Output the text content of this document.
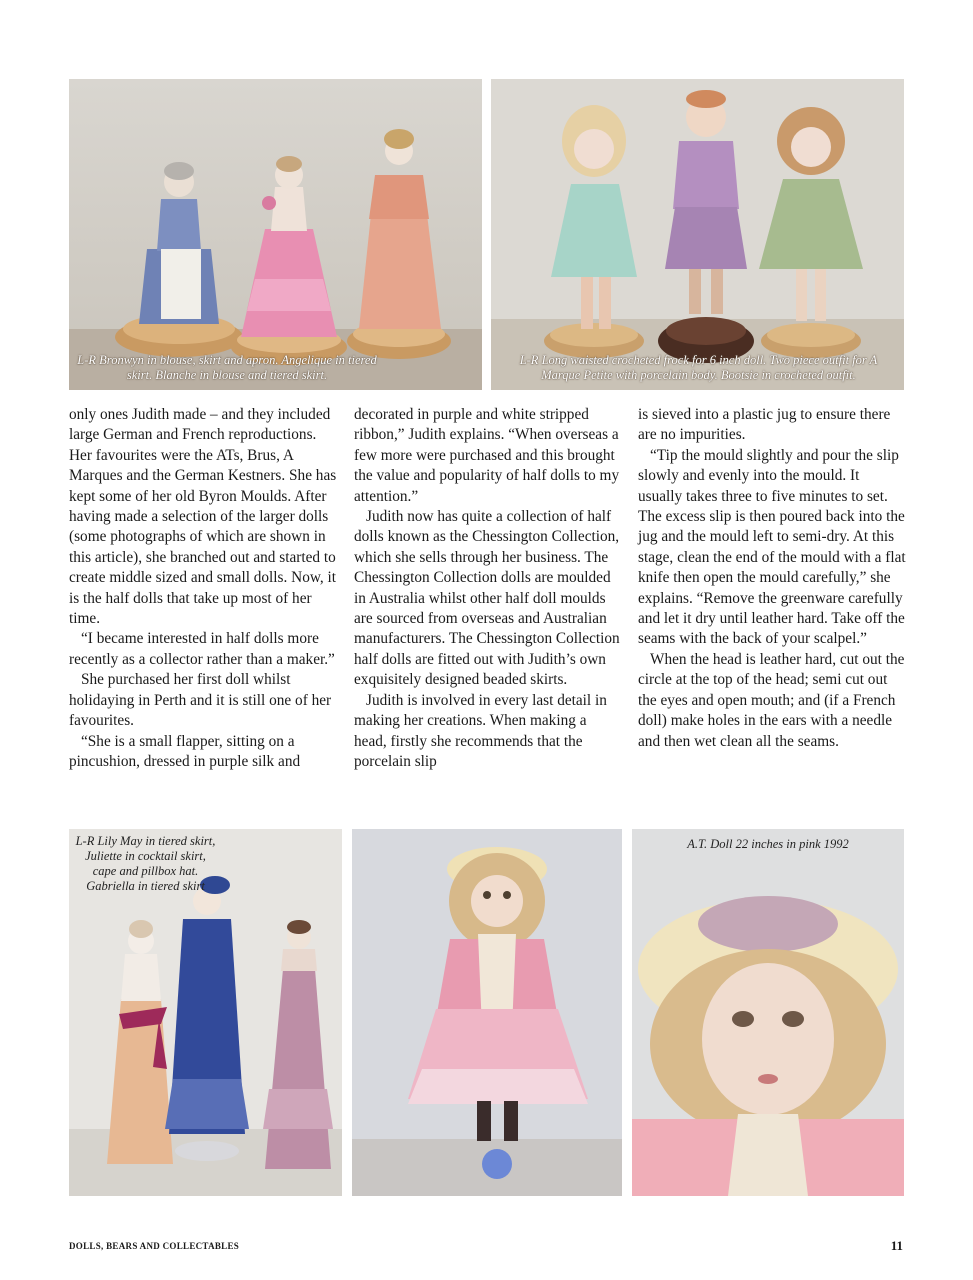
L-R Bronwyn in blouse, skirt and apron. Angelique in tiered skirt. Blanche in blouse and tiered skirt.
L-R Long waisted crocheted frock for 6 inch doll. Two piece outfit for A Marque Petite with porcelain body. Bootsie in crocheted outfit.

only ones Judith made – and they included large German and French reproductions. Her favourites were the ATs, Brus, A Marques and the German Kestners. She has kept some of her old Byron Moulds. After having made a selection of the larger dolls (some photographs of which are shown in this article), she branched out and started to create middle sized and small dolls. Now, it is the half dolls that take up most of her time.

“I became interested in half dolls more recently as a collector rather than a maker.”

She purchased her first doll whilst holidaying in Perth and it is still one of her favourites.

“She is a small flapper, sitting on a pincushion, dressed in purple silk and

decorated in purple and white stripped ribbon,” Judith explains. “When overseas a few more were purchased and this brought the value and popularity of half dolls to my attention.”

Judith now has quite a collection of half dolls known as the Chessington Collection, which she sells through her business. The Chessington Collection dolls are moulded in Australia whilst other half doll moulds are sourced from overseas and Australian manufacturers. The Chessington Collection half dolls are fitted out with Judith’s own exquisitely designed beaded skirts.

Judith is involved in every last detail in making her creations. When making a head, firstly she recommends that the porcelain slip

is sieved into a plastic jug to ensure there are no impurities.

“Tip the mould slightly and pour the slip slowly and evenly into the mould. It usually takes three to five minutes to set. The excess slip is then poured back into the jug and the mould left to semi-dry. At this stage, clean the end of the mould with a flat knife then open the mould carefully,” she explains. “Remove the greenware carefully and let it dry until leather hard. Take off the seams with the back of your scalpel.”

When the head is leather hard, cut out the circle at the top of the head; semi cut out the eyes and open mouth; and (if a French doll) make holes in the ears with a needle and then wet clean all the seams.

L-R Lily May in tiered skirt, Juliette in cocktail skirt, cape and pillbox hat. Gabriella in tiered skirt
A.T. Doll 22 inches in pink 1992
DOLLS, BEARS AND COLLECTABLES	11
